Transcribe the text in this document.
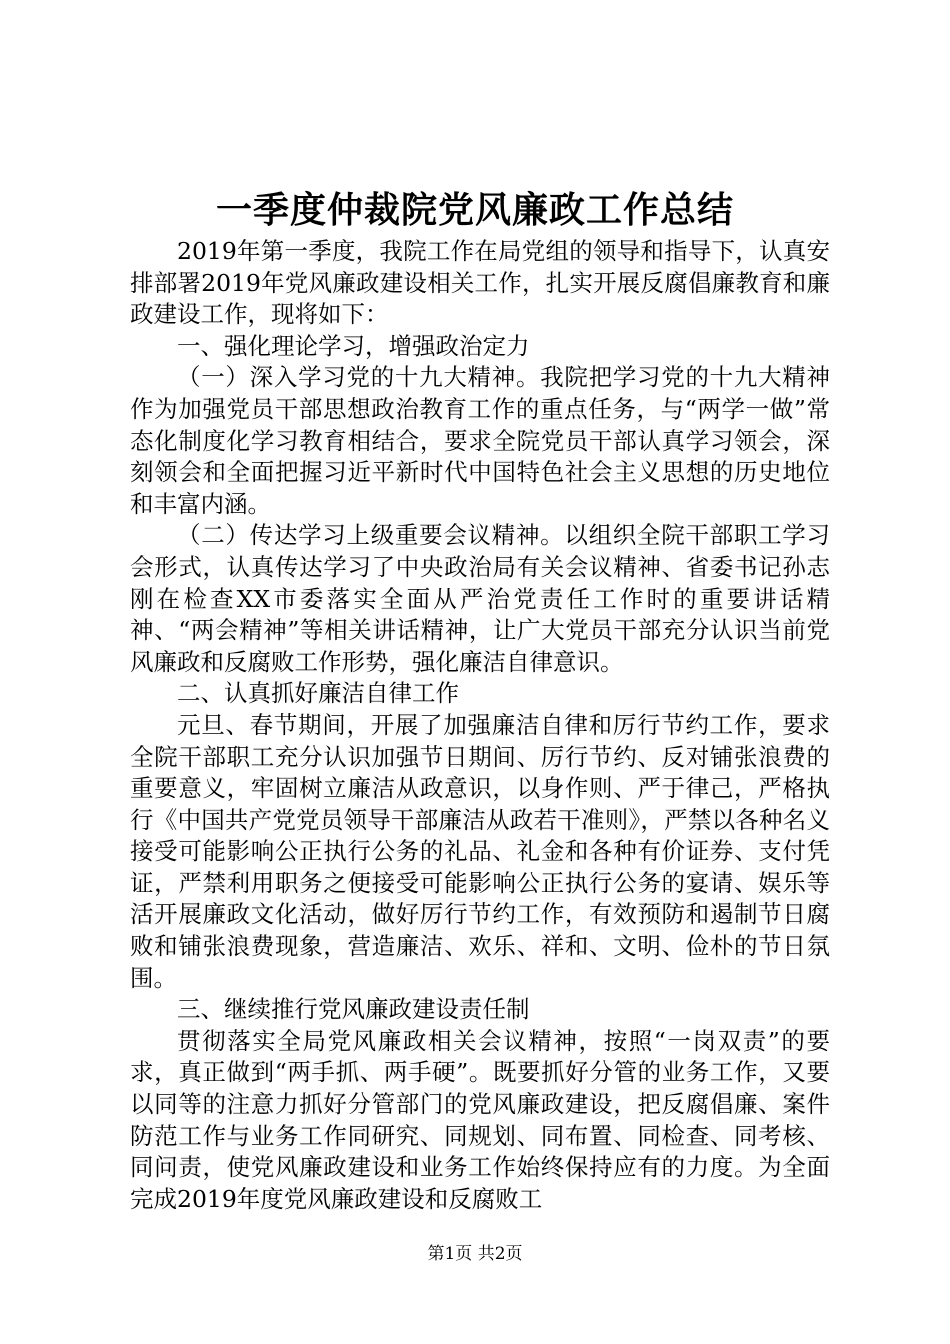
一季度仲裁院党风廉政工作总结

2019年第一季度，我院工作在局党组的领导和指导下，认真安排部署2019年党风廉政建设相关工作，扎实开展反腐倡廉教育和廉政建设工作，现将如下：

一、强化理论学习，增强政治定力

（一）深入学习党的十九大精神。我院把学习党的十九大精神作为加强党员干部思想政治教育工作的重点任务，与“两学一做”常态化制度化学习教育相结合，要求全院党员干部认真学习领会，深刻领会和全面把握习近平新时代中国特色社会主义思想的历史地位和丰富内涵。

（二）传达学习上级重要会议精神。以组织全院干部职工学习会形式，认真传达学习了中央政治局有关会议精神、省委书记孙志刚在检查XX市委落实全面从严治党责任工作时的重要讲话精神、“两会精神”等相关讲话精神，让广大党员干部充分认识当前党风廉政和反腐败工作形势，强化廉洁自律意识。

二、认真抓好廉洁自律工作

元旦、春节期间，开展了加强廉洁自律和厉行节约工作，要求全院干部职工充分认识加强节日期间、厉行节约、反对铺张浪费的重要意义，牢固树立廉洁从政意识，以身作则、严于律己，严格执行《中国共产党党员领导干部廉洁从政若干准则》，严禁以各种名义接受可能影响公正执行公务的礼品、礼金和各种有价证券、支付凭证，严禁利用职务之便接受可能影响公正执行公务的宴请、娱乐等活开展廉政文化活动，做好厉行节约工作，有效预防和遏制节日腐败和铺张浪费现象，营造廉洁、欢乐、祥和、文明、俭朴的节日氛围。

三、继续推行党风廉政建设责任制

贯彻落实全局党风廉政相关会议精神，按照“一岗双责”的要求，真正做到“两手抓、两手硬”。既要抓好分管的业务工作，又要以同等的注意力抓好分管部门的党风廉政建设，把反腐倡廉、案件防范工作与业务工作同研究、同规划、同布置、同检查、同考核、同问责，使党风廉政建设和业务工作始终保持应有的力度。为全面完成2019年度党风廉政建设和反腐败工

第1页 共2页
